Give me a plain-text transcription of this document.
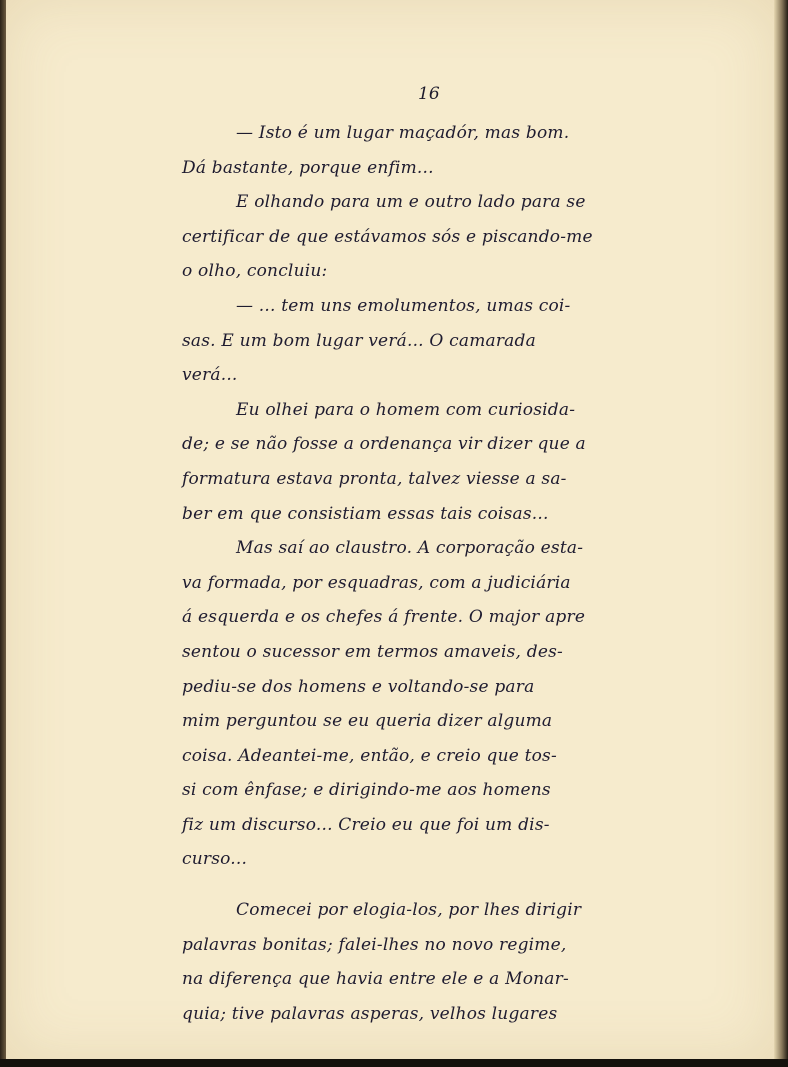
16
— Isto é um lugar maçadór, mas bom.
Dá bastante, porque enfim...
E olhando para um e outro lado para se
certificar de que estávamos sós e piscando-me
o olho, concluiu:
— ... tem uns emolumentos, umas coi-
sas. E um bom lugar verá... O camarada
verá...
Eu olhei para o homem com curiosida-
de; e se não fosse a ordenança vir dizer que a
formatura estava pronta, talvez viesse a sa-
ber em que consistiam essas tais coisas...
Mas saí ao claustro. A corporação esta-
va formada, por esquadras, com a judiciária
á esquerda e os chefes á frente. O major apre
sentou o sucessor em termos amaveis, des-
pediu-se dos homens e voltando-se para
mim perguntou se eu queria dizer alguma
coisa. Adeantei-me, então, e creio que tos-
si com ênfase; e dirigindo-me aos homens
fiz um discurso... Creio eu que foi um dis-
curso...
Comecei por elogia-los, por lhes dirigir
palavras bonitas; falei-lhes no novo regime,
na diferença que havia entre ele e a Monar-
quia; tive palavras asperas, velhos lugares
